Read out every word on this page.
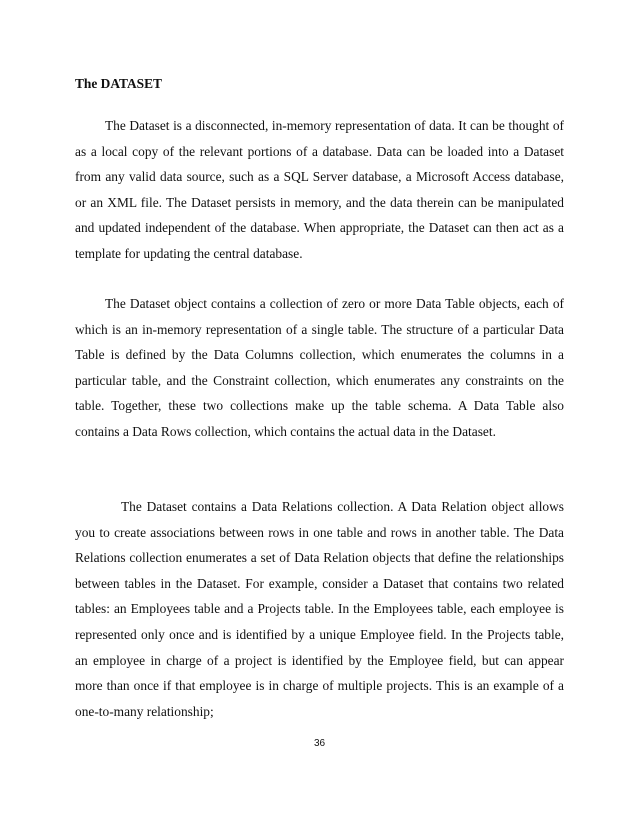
The DATASET

The Dataset is a disconnected, in-memory representation of data. It can be thought of as a local copy of the relevant portions of a database. Data can be loaded into a Dataset from any valid data source, such as a SQL Server database, a Microsoft Access database, or an XML file. The Dataset persists in memory, and the data therein can be manipulated and updated independent of the database. When appropriate, the Dataset can then act as a template for updating the central database.

The Dataset object contains a collection of zero or more Data Table objects, each of which is an in-memory representation of a single table. The structure of a particular Data Table is defined by the Data Columns collection, which enumerates the columns in a particular table, and the Constraint collection, which enumerates any constraints on the table. Together, these two collections make up the table schema. A Data Table also contains a Data Rows collection, which contains the actual data in the Dataset.

The Dataset contains a Data Relations collection. A Data Relation object allows you to create associations between rows in one table and rows in another table. The Data Relations collection enumerates a set of Data Relation objects that define the relationships between tables in the Dataset. For example, consider a Dataset that contains two related tables: an Employees table and a Projects table. In the Employees table, each employee is represented only once and is identified by a unique Employee field. In the Projects table, an employee in charge of a project is identified by the Employee field, but can appear more than once if that employee is in charge of multiple projects. This is an example of a one-to-many relationship;

36
